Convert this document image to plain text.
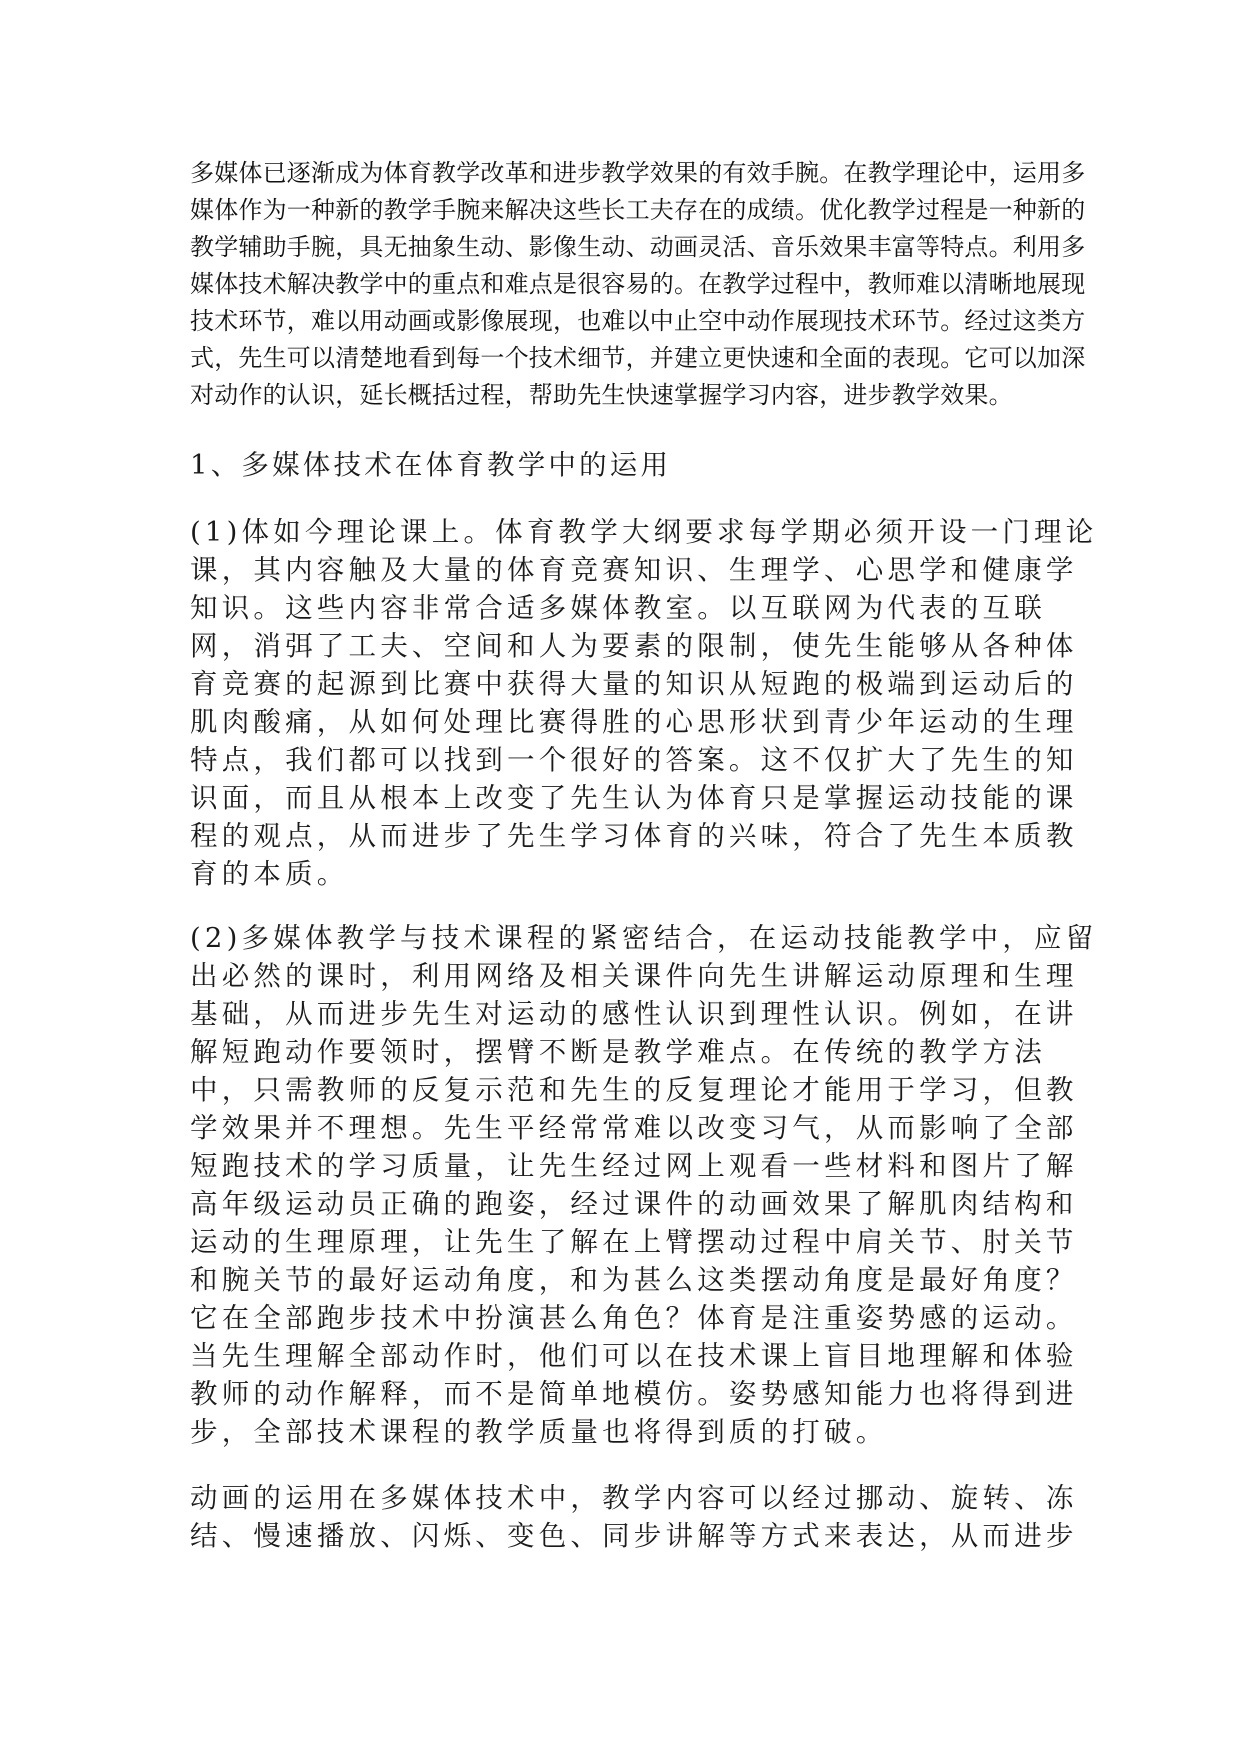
多媒体已逐渐成为体育教学改革和进步教学效果的有效手腕。在教学理论中，运用多
媒体作为一种新的教学手腕来解决这些长工夫存在的成绩。优化教学过程是一种新的
教学辅助手腕，具无抽象生动、影像生动、动画灵活、音乐效果丰富等特点。利用多
媒体技术解决教学中的重点和难点是很容易的。在教学过程中，教师难以清晰地展现
技术环节，难以用动画或影像展现，也难以中止空中动作展现技术环节。经过这类方
式，先生可以清楚地看到每一个技术细节，并建立更快速和全面的表现。它可以加深
对动作的认识，延长概括过程，帮助先生快速掌握学习内容，进步教学效果。
1、多媒体技术在体育教学中的运用
(1)体如今理论课上。体育教学大纲要求每学期必须开设一门理论
课，其内容触及大量的体育竞赛知识、生理学、心思学和健康学
知识。这些内容非常合适多媒体教室。以互联网为代表的互联
网，消弭了工夫、空间和人为要素的限制，使先生能够从各种体
育竞赛的起源到比赛中获得大量的知识从短跑的极端到运动后的
肌肉酸痛，从如何处理比赛得胜的心思形状到青少年运动的生理
特点，我们都可以找到一个很好的答案。这不仅扩大了先生的知
识面，而且从根本上改变了先生认为体育只是掌握运动技能的课
程的观点，从而进步了先生学习体育的兴味，符合了先生本质教
育的本质。
(2)多媒体教学与技术课程的紧密结合，在运动技能教学中，应留
出必然的课时，利用网络及相关课件向先生讲解运动原理和生理
基础，从而进步先生对运动的感性认识到理性认识。例如，在讲
解短跑动作要领时，摆臂不断是教学难点。在传统的教学方法
中，只需教师的反复示范和先生的反复理论才能用于学习，但教
学效果并不理想。先生平经常常难以改变习气，从而影响了全部
短跑技术的学习质量，让先生经过网上观看一些材料和图片了解
高年级运动员正确的跑姿，经过课件的动画效果了解肌肉结构和
运动的生理原理，让先生了解在上臂摆动过程中肩关节、肘关节
和腕关节的最好运动角度，和为甚么这类摆动角度是最好角度？
它在全部跑步技术中扮演甚么角色？体育是注重姿势感的运动。
当先生理解全部动作时，他们可以在技术课上盲目地理解和体验
教师的动作解释，而不是简单地模仿。姿势感知能力也将得到进
步，全部技术课程的教学质量也将得到质的打破。
动画的运用在多媒体技术中，教学内容可以经过挪动、旋转、冻
结、慢速播放、闪烁、变色、同步讲解等方式来表达，从而进步
